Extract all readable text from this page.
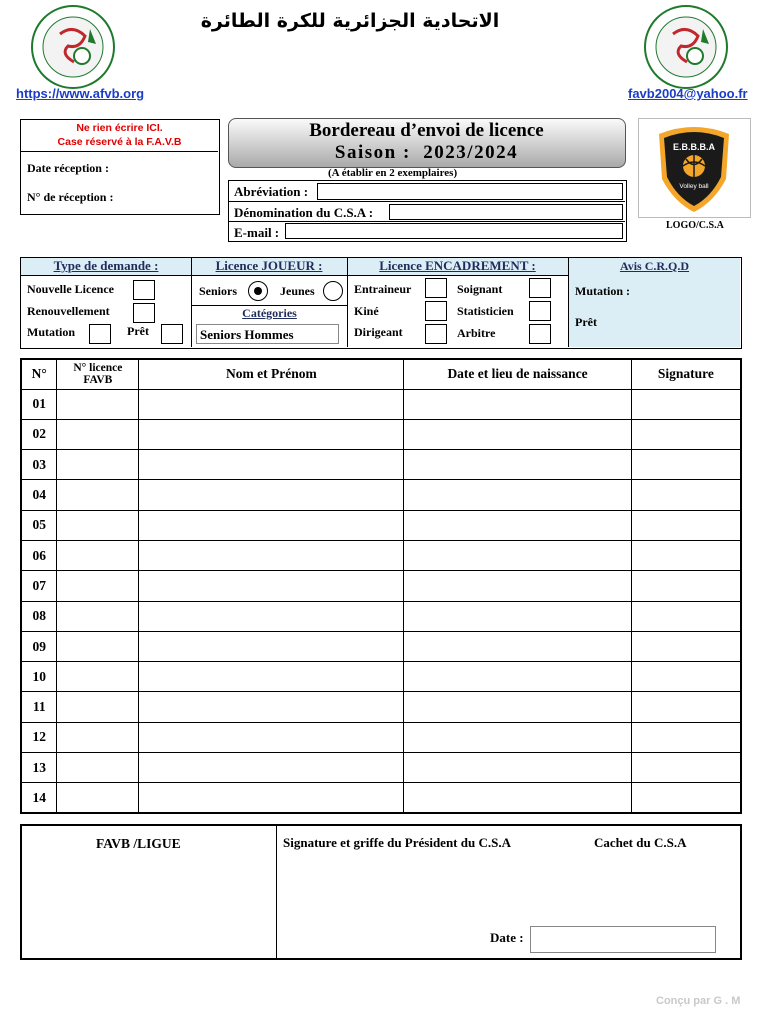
الاتحادية الجزائرية للكرة الطائرة
https://www.afvb.org	favb2004@yahoo.fr
Ne rien écrire ICI.
Case réservé à la F.A.V.B
Date réception :
N° de réception :
Bordereau d’envoi de licence
Saison :  2023/2024
(A établir en 2 exemplaires)
Abréviation :
Dénomination du C.S.A :
E-mail :
E.B.B.B.A
Volley ball
LOGO/C.S.A
Type de demande :	Licence JOUEUR :	Licence ENCADREMENT :	Avis C.R.Q.D
Nouvelle Licence
Renouvellement
Mutation	Prêt
Seniors	Jeunes
Catégories
Seniors Hommes
Entraineur
Kiné
Dirigeant
Soignant
Statisticien
Arbitre
Mutation :
Prêt
N°	N° licence FAVB	Nom et Prénom	Date et lieu de naissance	Signature
01				
02				
03				
04				
05				
06				
07				
08				
09				
10				
11				
12				
13				
14				
FAVB /LIGUE	Signature et griffe du Président du C.S.A	Cachet du C.S.A
Date :
Conçu par G . M
